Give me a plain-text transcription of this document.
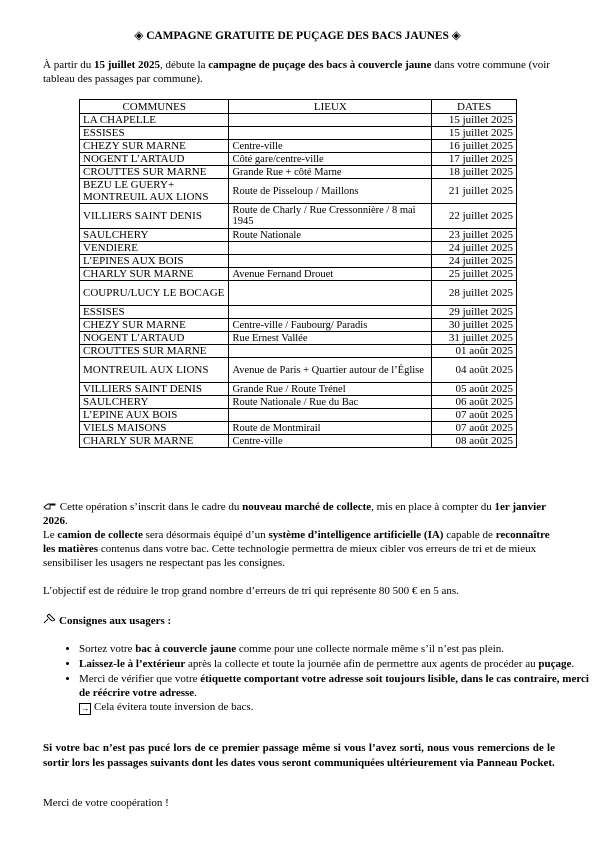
◈ CAMPAGNE GRATUITE DE PUÇAGE DES BACS JAUNES ◈
À partir du 15 juillet 2025, débute la campagne de puçage des bacs à couvercle jaune dans votre commune (voir tableau des passages par commune).
COMMUNES	LIEUX	DATES
LA CHAPELLE		15 juillet 2025
ESSISES		15 juillet 2025
CHEZY SUR MARNE	Centre-ville	16 juillet 2025
NOGENT L’ARTAUD	Côté gare/centre-ville	17 juillet 2025
CROUTTES SUR MARNE	Grande Rue + côté Marne	18 juillet 2025
BEZU LE GUERY+ MONTREUIL AUX LIONS	Route de Pisseloup / Maillons	21 juillet 2025
VILLIERS SAINT DENIS	Route de Charly / Rue Cressonnière / 8 mai 1945	22 juillet 2025
SAULCHERY	Route Nationale	23 juillet 2025
VENDIERE		24 juillet 2025
L’EPINES AUX BOIS		24 juillet 2025
CHARLY SUR MARNE	Avenue Fernand Drouet	25 juillet 2025
COUPRU/LUCY LE BOCAGE		28 juillet 2025
ESSISES		29 juillet 2025
CHEZY SUR MARNE	Centre-ville / Faubourg/ Paradis	30 juillet 2025
NOGENT L’ARTAUD	Rue Ernest Vallée	31 juillet 2025
CROUTTES SUR MARNE		01 août 2025
MONTREUIL AUX LIONS	Avenue de Paris + Quartier autour de l’Église	04 août 2025
VILLIERS SAINT DENIS	Grande Rue / Route Trénel	05 août 2025
SAULCHERY	Route Nationale / Rue du Bac	06 août 2025
L’EPINE AUX BOIS		07 août 2025
VIELS MAISONS	Route de Montmirail	07 août 2025
CHARLY SUR MARNE	Centre-ville	08 août 2025
Cette opération s’inscrit dans le cadre du nouveau marché de collecte, mis en place à compter du 1er janvier 2026.
Le camion de collecte sera désormais équipé d’un système d’intelligence artificielle (IA) capable de reconnaître les matières contenus dans votre bac. Cette technologie permettra de mieux cibler vos erreurs de tri et de mieux sensibiliser les usagers ne respectant pas les consignes.
L’objectif est de réduire le trop grand nombre d’erreurs de tri qui représente 80 500 € en 5 ans.
Consignes aux usagers :
• Sortez votre bac à couvercle jaune comme pour une collecte normale même s’il n’est pas plein.
• Laissez-le à l’extérieur après la collecte et toute la journée afin de permettre aux agents de procéder au puçage.
• Merci de vérifier que votre étiquette comportant votre adresse soit toujours lisible, dans le cas contraire, merci de réécrire votre adresse.
→ Cela évitera toute inversion de bacs.
Si votre bac n’est pas pucé lors de ce premier passage même si vous l’avez sorti, nous vous remercions de le sortir lors les passages suivants dont les dates vous seront communiquées ultérieurement via Panneau Pocket.
Merci de votre coopération !
